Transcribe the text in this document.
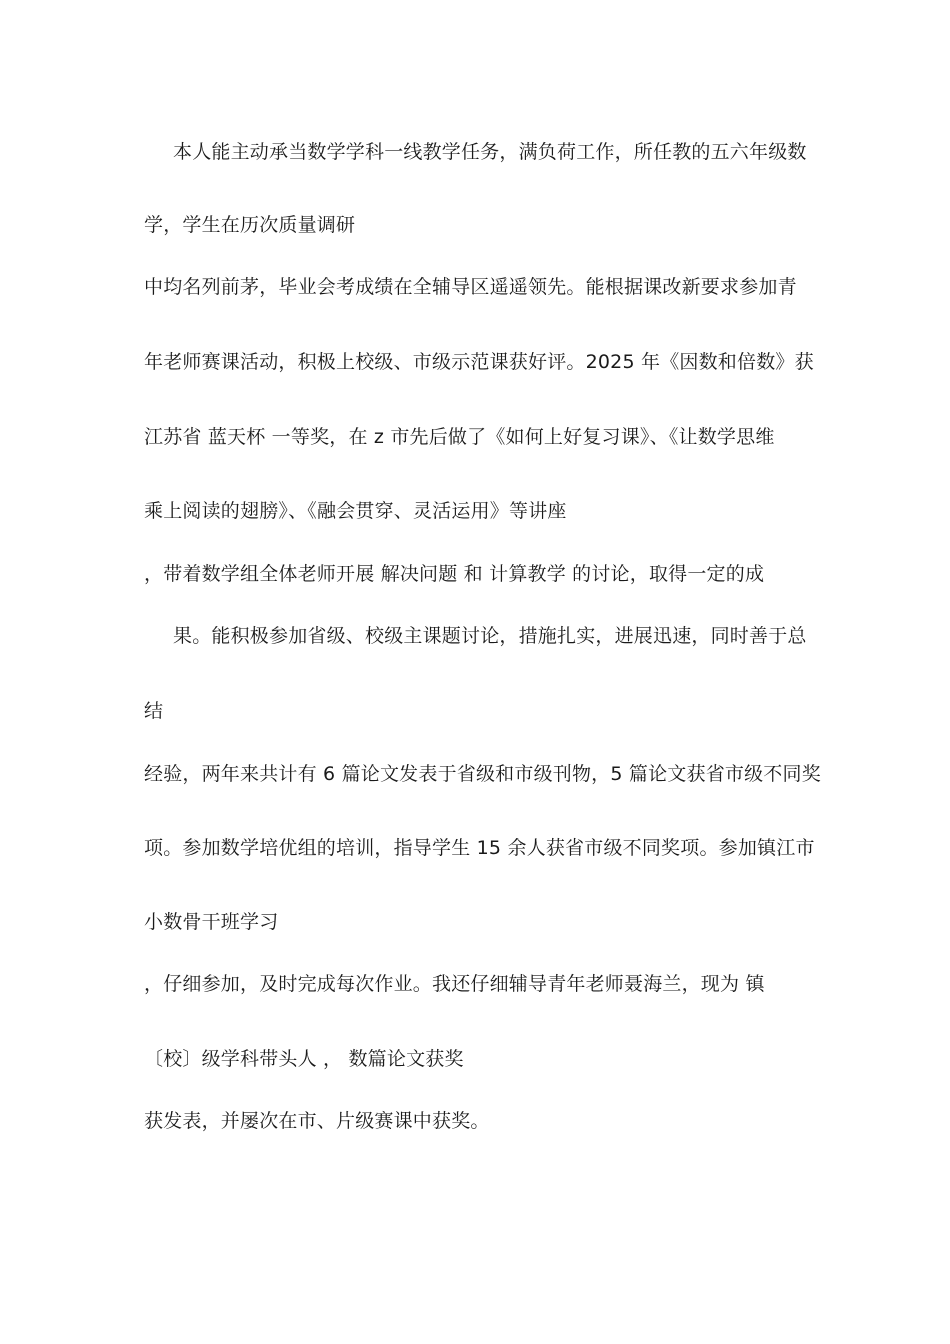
本人能主动承当数学学科一线教学任务，满负荷工作，所任教的五六年级数
学，学生在历次质量调研
中均名列前茅，毕业会考成绩在全辅导区遥遥领先。能根据课改新要求参加青
年老师赛课活动，积极上校级、市级示范课获好评。2025 年《因数和倍数》获
江苏省 蓝天杯 一等奖，在 z 市先后做了《如何上好复习课》、《让数学思维
乘上阅读的翅膀》、《融会贯穿、灵活运用》等讲座
，带着数学组全体老师开展 解决问题 和 计算教学 的讨论，取得一定的成
果。能积极参加省级、校级主课题讨论，措施扎实，进展迅速，同时善于总
结
经验，两年来共计有 6 篇论文发表于省级和市级刊物，5 篇论文获省市级不同奖
项。参加数学培优组的培训，指导学生 15 余人获省市级不同奖项。参加镇江市
小数骨干班学习
，仔细参加，及时完成每次作业。我还仔细辅导青年老师聂海兰，现为 镇
〔校〕级学科带头人 ， 数篇论文获奖
获发表，并屡次在市、片级赛课中获奖。
